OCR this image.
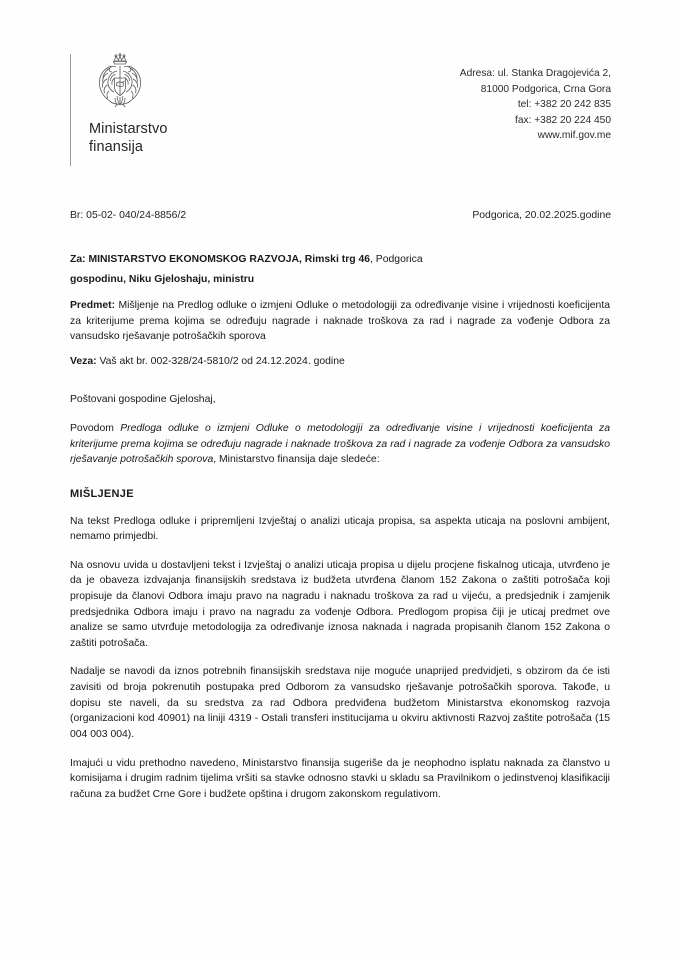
Ministarstvo
finansija
Adresa: ul. Stanka Dragojevića 2,
81000 Podgorica, Crna Gora
tel: +382 20 242 835
fax: +382 20 224 450
www.mif.gov.me
Br: 05-02- 040/24-8856/2	Podgorica, 20.02.2025.godine

Za: MINISTARSTVO EKONOMSKOG RAZVOJA, Rimski trg 46, Podgorica

gospodinu, Niku Gjeloshaju, ministru

Predmet: Mišljenje na Predlog odluke o izmjeni Odluke o metodologiji za određivanje visine i vrijednosti koeficijenta za kriterijume prema kojima se određuju nagrade i naknade troškova za rad i nagrade za vođenje Odbora za vansudsko rješavanje potrošačkih sporova

Veza: Vaš akt br. 002-328/24-5810/2 od 24.12.2024. godine

Poštovani gospodine Gjeloshaj,

Povodom Predloga odluke o izmjeni Odluke o metodologiji za određivanje visine i vrijednosti koeficijenta za kriterijume prema kojima se određuju nagrade i naknade troškova za rad i nagrade za vođenje Odbora za vansudsko rješavanje potrošačkih sporova, Ministarstvo finansija daje sledeće:

MIŠLJENJE

Na tekst Predloga odluke i pripremljeni Izvještaj o analizi uticaja propisa, sa aspekta uticaja na poslovni ambijent, nemamo primjedbi.

Na osnovu uvida u dostavljeni tekst i Izvještaj o analizi uticaja propisa u dijelu procjene fiskalnog uticaja, utvrđeno je da je obaveza izdvajanja finansijskih sredstava iz budžeta utvrđena članom 152 Zakona o zaštiti potrošača koji propisuje da članovi Odbora imaju pravo na nagradu i naknadu troškova za rad u vijeću, a predsjednik i zamjenik predsjednika Odbora imaju i pravo na nagradu za vođenje Odbora. Predlogom propisa čiji je uticaj predmet ove analize se samo utvrđuje metodologija za određivanje iznosa naknada i nagrada propisanih članom 152 Zakona o zaštiti potrošača.

Nadalje se navodi da iznos potrebnih finansijskih sredstava nije moguće unaprijed predvidjeti, s obzirom da će isti zavisiti od broja pokrenutih postupaka pred Odborom za vansudsko rješavanje potrošačkih sporova. Takođe, u dopisu ste naveli, da su sredstva za rad Odbora predviđena budžetom Ministarstva ekonomskog razvoja (organizacioni kod 40901) na liniji 4319 - Ostali transferi institucijama u okviru aktivnosti Razvoj zaštite potrošača (15 004 003 004).

Imajući u vidu prethodno navedeno, Ministarstvo finansija sugeriše da je neophodno isplatu naknada za članstvo u komisijama i drugim radnim tijelima vršiti sa stavke odnosno stavki u skladu sa Pravilnikom o jedinstvenoj klasifikaciji računa za budžet Crne Gore i budžete opština i drugom zakonskom regulativom.
